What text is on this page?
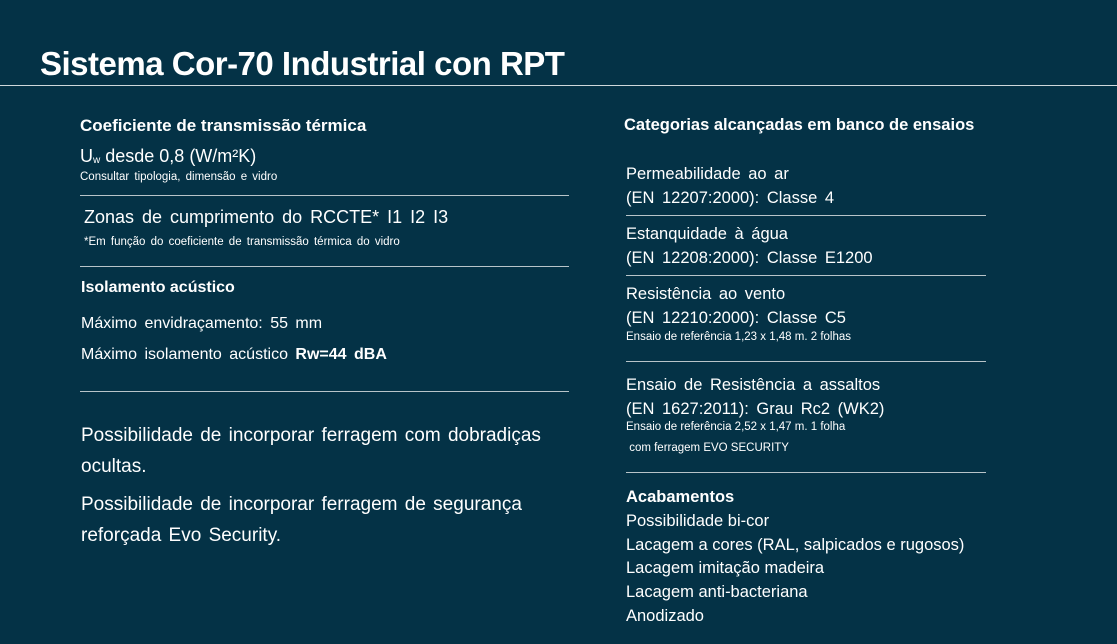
Sistema Cor-70 Industrial con RPT
Coeficiente de transmissão térmica
$U_w$ desde 0,8 (W/m²K)
Consultar tipologia, dimensão e vidro
Zonas de cumprimento do RCCTE* I1 I2 I3
*Em função do coeficiente de transmissão térmica do vidro
Isolamento acústico
Máximo envidraçamento: 55 mm
Máximo isolamento acústico Rw=44 dBA
Possibilidade de incorporar ferragem com dobradiças ocultas.
Possibilidade de incorporar ferragem de segurança reforçada Evo Security.
Categorias alcançadas em banco de ensaios
Permeabilidade ao ar
(EN 12207:2000): Classe 4
Estanquidade à água
(EN 12208:2000): Classe E1200
Resistência ao vento
(EN 12210:2000): Classe C5
Ensaio de referência 1,23 x 1,48 m. 2 folhas
Ensaio de Resistência a assaltos
(EN 1627:2011): Grau Rc2 (WK2)
Ensaio de referência 2,52 x 1,47 m. 1 folha
com ferragem EVO SECURITY
Acabamentos
Possibilidade bi-cor
Lacagem a cores (RAL, salpicados e rugosos)
Lacagem imitação madeira
Lacagem anti-bacteriana
Anodizado
